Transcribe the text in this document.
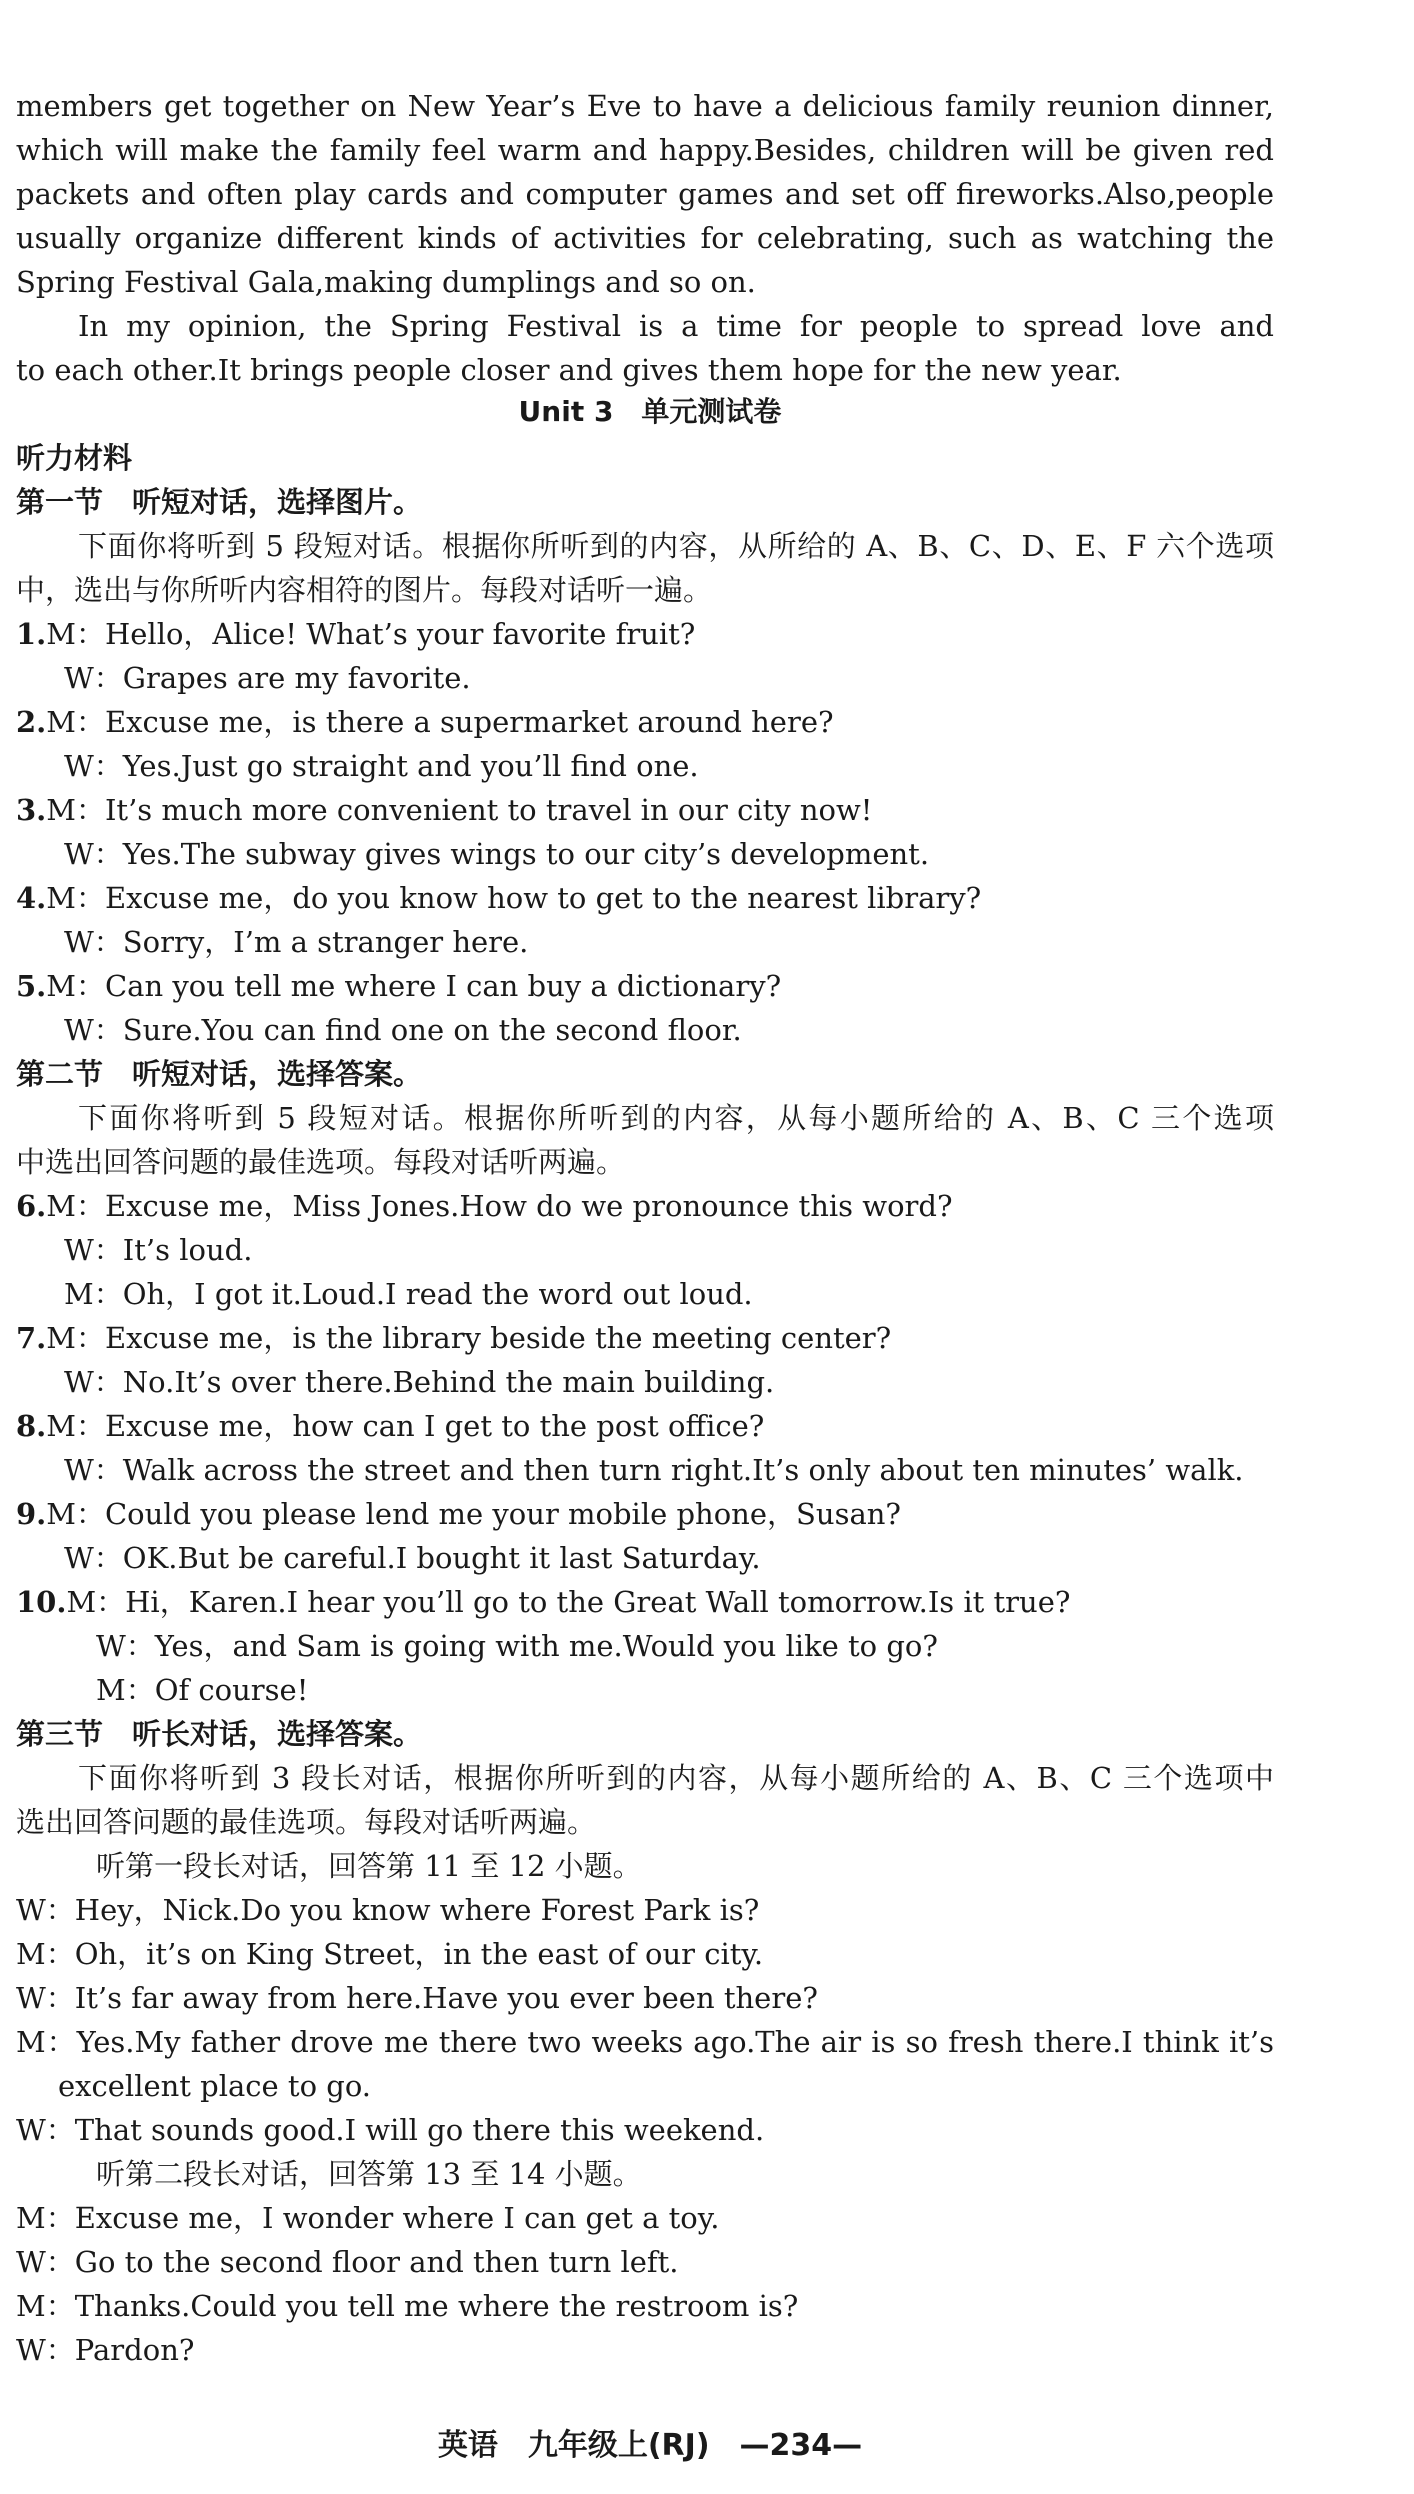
members get together on New Year’s Eve to have a delicious family reunion dinner,
which will make the family feel warm and happy.Besides, children will be given red
packets and often play cards and computer games and set off fireworks.Also,people
usually organize different kinds of activities for celebrating, such as watching the
Spring Festival Gala,making dumplings and so on.
In my opinion, the Spring Festival is a time for people to spread love and
to each other.It brings people closer and gives them hope for the new year.
Unit 3　单元测试卷
听力材料
第一节　听短对话，选择图片。
下面你将听到 5 段短对话。根据你所听到的内容，从所给的 A、B、C、D、E、F 六个选项
中，选出与你所听内容相符的图片。每段对话听一遍。
1.M：Hello，Alice! What’s your favorite fruit?
W：Grapes are my favorite.
2.M：Excuse me，is there a supermarket around here?
W：Yes.Just go straight and you’ll find one.
3.M：It’s much more convenient to travel in our city now!
W：Yes.The subway gives wings to our city’s development.
4.M：Excuse me，do you know how to get to the nearest library?
W：Sorry，I’m a stranger here.
5.M：Can you tell me where I can buy a dictionary?
W：Sure.You can find one on the second floor.
第二节　听短对话，选择答案。
下面你将听到 5 段短对话。根据你所听到的内容，从每小题所给的 A、B、C 三个选项
中选出回答问题的最佳选项。每段对话听两遍。
6.M：Excuse me，Miss Jones.How do we pronounce this word?
W：It’s loud.
M：Oh，I got it.Loud.I read the word out loud.
7.M：Excuse me，is the library beside the meeting center?
W：No.It’s over there.Behind the main building.
8.M：Excuse me，how can I get to the post office?
W：Walk across the street and then turn right.It’s only about ten minutes’ walk.
9.M：Could you please lend me your mobile phone，Susan?
W：OK.But be careful.I bought it last Saturday.
10.M：Hi，Karen.I hear you’ll go to the Great Wall tomorrow.Is it true?
W：Yes，and Sam is going with me.Would you like to go?
M：Of course!
第三节　听长对话，选择答案。
下面你将听到 3 段长对话，根据你所听到的内容，从每小题所给的 A、B、C 三个选项中
选出回答问题的最佳选项。每段对话听两遍。
听第一段长对话，回答第 11 至 12 小题。
W：Hey，Nick.Do you know where Forest Park is?
M：Oh，it’s on King Street，in the east of our city.
W：It’s far away from here.Have you ever been there?
M：Yes.My father drove me there two weeks ago.The air is so fresh there.I think it’s
excellent place to go.
W：That sounds good.I will go there this weekend.
听第二段长对话，回答第 13 至 14 小题。
M：Excuse me，I wonder where I can get a toy.
W：Go to the second floor and then turn left.
M：Thanks.Could you tell me where the restroom is?
W：Pardon?
英语　九年级上(RJ)　—234—
